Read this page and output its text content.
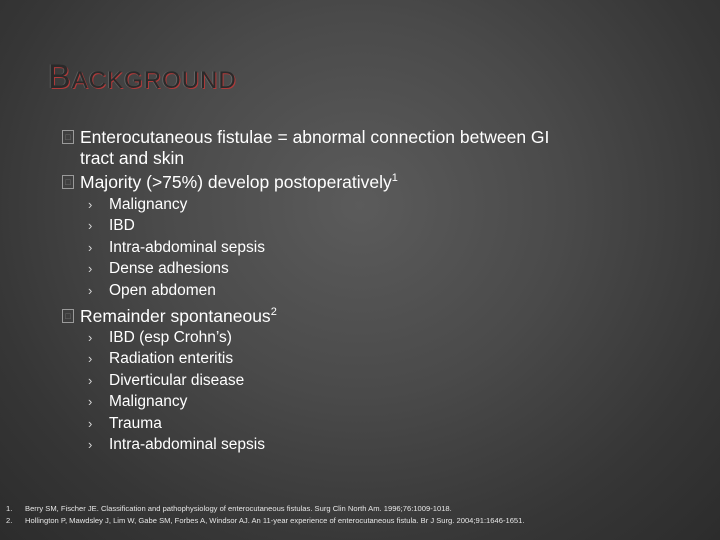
BACKGROUND
□ Enterocutaneous fistulae = abnormal connection between GI
tract and skin
□ Majority (>75%) develop postoperatively$^1$
› Malignancy
› IBD
› Intra-abdominal sepsis
› Dense adhesions
› Open abdomen
□ Remainder spontaneous$^2$
› IBD (esp Crohn’s)
› Radiation enteritis
› Diverticular disease
› Malignancy
› Trauma
› Intra-abdominal sepsis
1. Berry SM, Fischer JE. Classification and pathophysiology of enterocutaneous fistulas. Surg Clin North Am. 1996;76:1009-1018.
2. Hollington P, Mawdsley J, Lim W, Gabe SM, Forbes A, Windsor AJ. An 11-year experience of enterocutaneous fistula. Br J Surg. 2004;91:1646-1651.
